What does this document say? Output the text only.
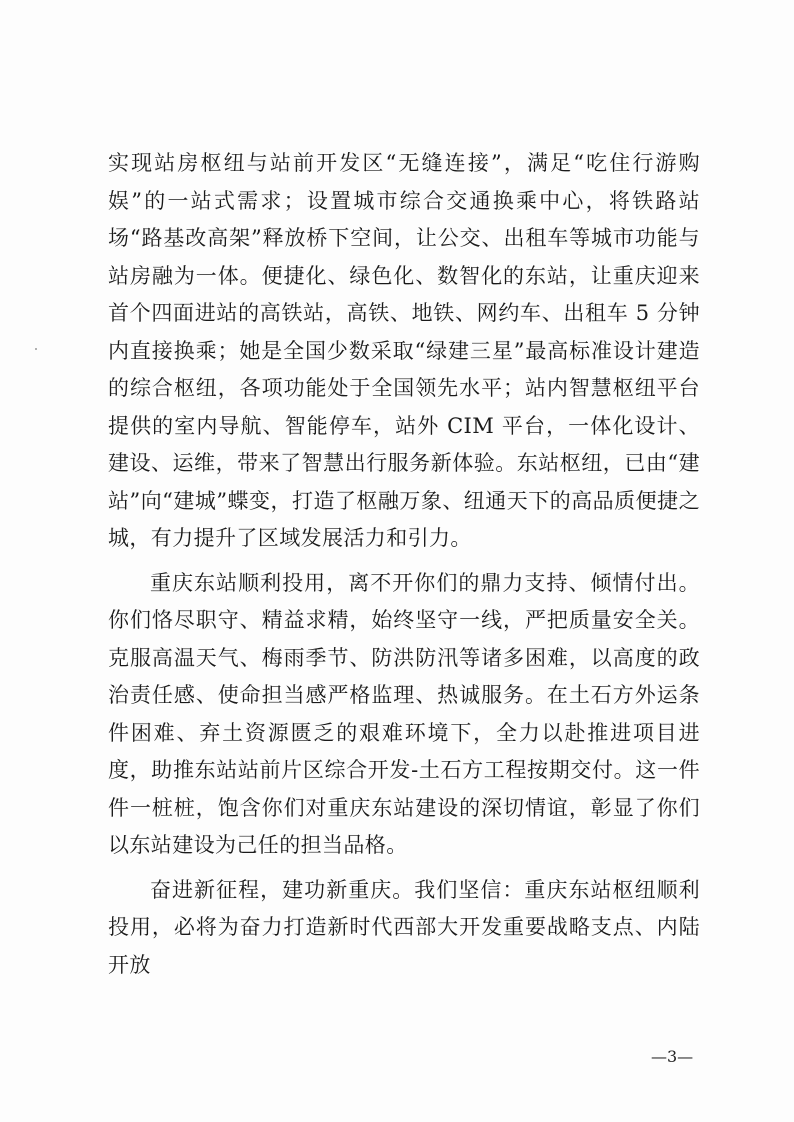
实现站房枢纽与站前开发区“无缝连接”，满足“吃住行游购娱”的一站式需求；设置城市综合交通换乘中心，将铁路站场“路基改高架”释放桥下空间，让公交、出租车等城市功能与站房融为一体。便捷化、绿色化、数智化的东站，让重庆迎来首个四面进站的高铁站，高铁、地铁、网约车、出租车 5 分钟内直接换乘；她是全国少数采取“绿建三星”最高标准设计建造的综合枢纽，各项功能处于全国领先水平；站内智慧枢纽平台提供的室内导航、智能停车，站外 CIM 平台，一体化设计、建设、运维，带来了智慧出行服务新体验。东站枢纽，已由“建站”向“建城”蝶变，打造了枢融万象、纽通天下的高品质便捷之城，有力提升了区域发展活力和引力。

重庆东站顺利投用，离不开你们的鼎力支持、倾情付出。你们恪尽职守、精益求精，始终坚守一线，严把质量安全关。克服高温天气、梅雨季节、防洪防汛等诸多困难，以高度的政治责任感、使命担当感严格监理、热诚服务。在土石方外运条件困难、弃土资源匮乏的艰难环境下，全力以赴推进项目进度，助推东站站前片区综合开发-土石方工程按期交付。这一件件一桩桩，饱含你们对重庆东站建设的深切情谊，彰显了你们以东站建设为己任的担当品格。

奋进新征程，建功新重庆。我们坚信：重庆东站枢纽顺利投用，必将为奋力打造新时代西部大开发重要战略支点、内陆开放

—3—
